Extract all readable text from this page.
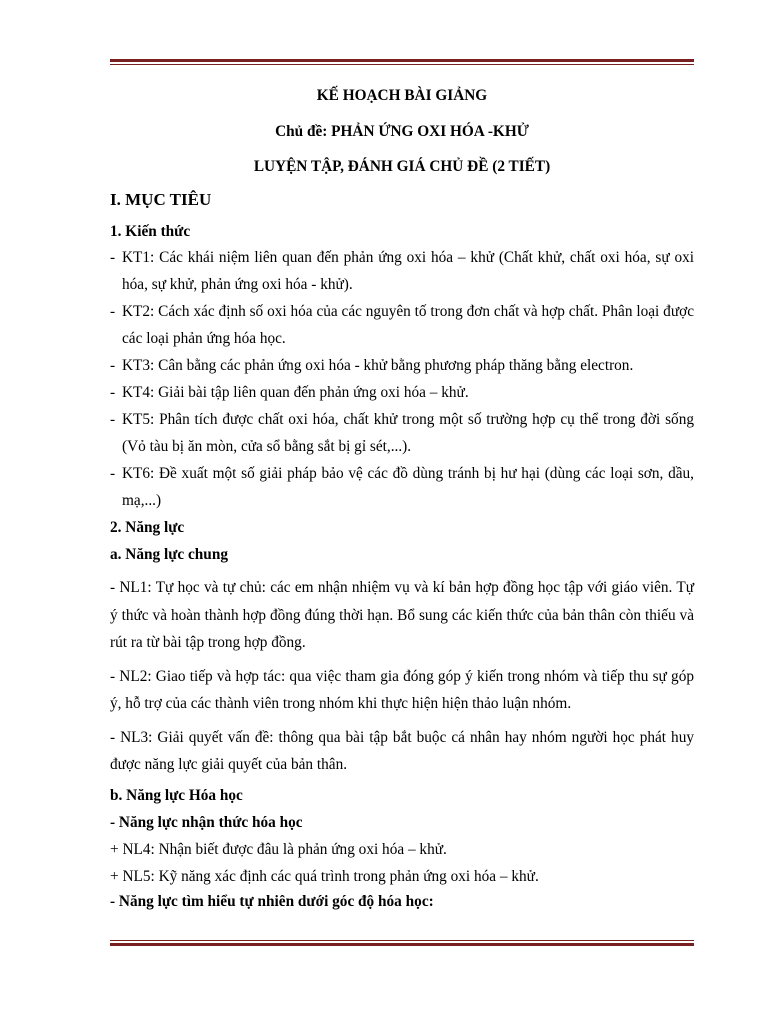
KẾ HOẠCH BÀI GIẢNG
Chủ đề: PHẢN ỨNG OXI HÓA -KHỬ
LUYỆN TẬP, ĐÁNH GIÁ CHỦ ĐỀ (2 TIẾT)
I. MỤC TIÊU
1. Kiến thức
- KT1: Các khái niệm liên quan đến phản ứng oxi hóa – khử (Chất khử, chất oxi hóa, sự oxi hóa, sự khử, phản ứng oxi hóa - khử).
- KT2: Cách xác định số oxi hóa của các nguyên tố trong đơn chất và hợp chất. Phân loại được các loại phản ứng hóa học.
- KT3: Cân bằng các phản ứng oxi hóa - khử bằng phương pháp thăng bằng electron.
- KT4: Giải bài tập liên quan đến phản ứng oxi hóa – khử.
- KT5: Phân tích được chất oxi hóa, chất khử trong một số trường hợp cụ thể trong đời sống (Vỏ tàu bị ăn mòn, cửa sổ bằng sắt bị gỉ sét,...).
- KT6: Đề xuất một số giải pháp bảo vệ các đồ dùng tránh bị hư hại (dùng các loại sơn, dầu, mạ,...)
2. Năng lực
a. Năng lực chung
- NL1: Tự học và tự chủ: các em nhận nhiệm vụ và kí bản hợp đồng học tập với giáo viên. Tự ý thức và hoàn thành hợp đồng đúng thời hạn. Bổ sung các kiến thức của bản thân còn thiếu và rút ra từ bài tập trong hợp đồng.
- NL2: Giao tiếp và hợp tác: qua việc tham gia đóng góp ý kiến trong nhóm và tiếp thu sự góp ý, hỗ trợ của các thành viên trong nhóm khi thực hiện hiện thảo luận nhóm.
- NL3: Giải quyết vấn đề: thông qua bài tập bắt buộc cá nhân hay nhóm người học phát huy được năng lực giải quyết của bản thân.
b. Năng lực Hóa học
- Năng lực nhận thức hóa học
+ NL4: Nhận biết được đâu là phản ứng oxi hóa – khử.
+ NL5: Kỹ năng xác định các quá trình trong phản ứng oxi hóa – khử.
- Năng lực tìm hiểu tự nhiên dưới góc độ hóa học:
